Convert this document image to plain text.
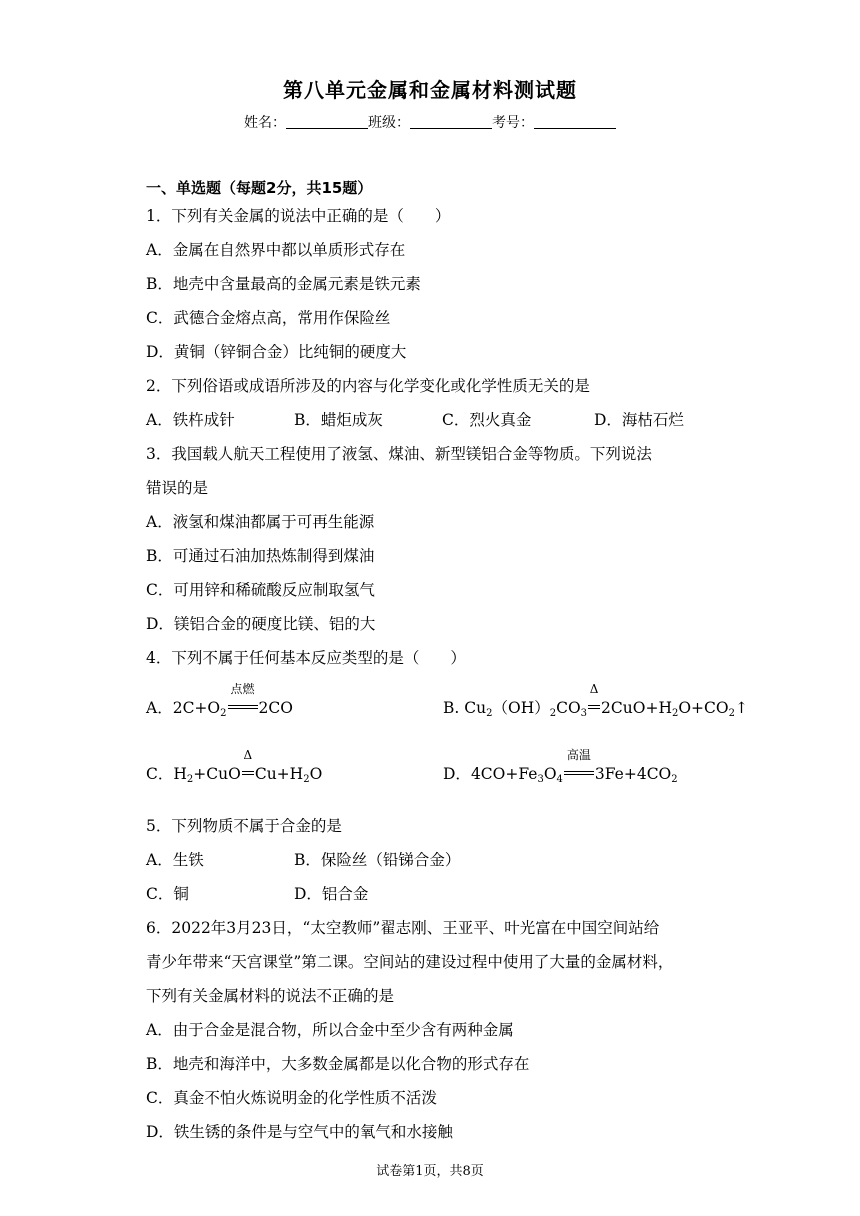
第八单元金属和金属材料测试题
姓名：	班级：	考号：
一、单选题（每题2分，共15题）
1．下列有关金属的说法中正确的是（　　）
A．金属在自然界中都以单质形式存在
B．地壳中含量最高的金属元素是铁元素
C．武德合金熔点高，常用作保险丝
D．黄铜（锌铜合金）比纯铜的硬度大
2．下列俗语或成语所涉及的内容与化学变化或化学性质无关的是
A．铁杵成针	B．蜡炬成灰	C．烈火真金	D．海枯石烂
3．我国载人航天工程使用了液氢、煤油、新型镁铝合金等物质。下列说法
错误的是
A．液氢和煤油都属于可再生能源
B．可通过石油加热炼制得到煤油
C．可用锌和稀硫酸反应制取氢气
D．镁铝合金的硬度比镁、铝的大
4．下列不属于任何基本反应类型的是（　　）
A．$2C+O_2$
点燃
2CO	B. $Cu_2(OH)_2CO_3$
Δ
$2CuO+H_2O+CO_2↑$
C．$H_2+CuO$
Δ
$Cu+H_2O$	D．$4CO+Fe_3O_4$
高温
$3Fe+4CO_2$
5．下列物质不属于合金的是
A．生铁	B．保险丝（铅锑合金）
C．铜	D．铝合金
6．2022年3月23日，“太空教师”翟志刚、王亚平、叶光富在中国空间站给
青少年带来“天宫课堂”第二课。空间站的建设过程中使用了大量的金属材料，
下列有关金属材料的说法不正确的是
A．由于合金是混合物，所以合金中至少含有两种金属
B．地壳和海洋中，大多数金属都是以化合物的形式存在
C．真金不怕火炼说明金的化学性质不活泼
D．铁生锈的条件是与空气中的氧气和水接触
试卷第1页，共8页
